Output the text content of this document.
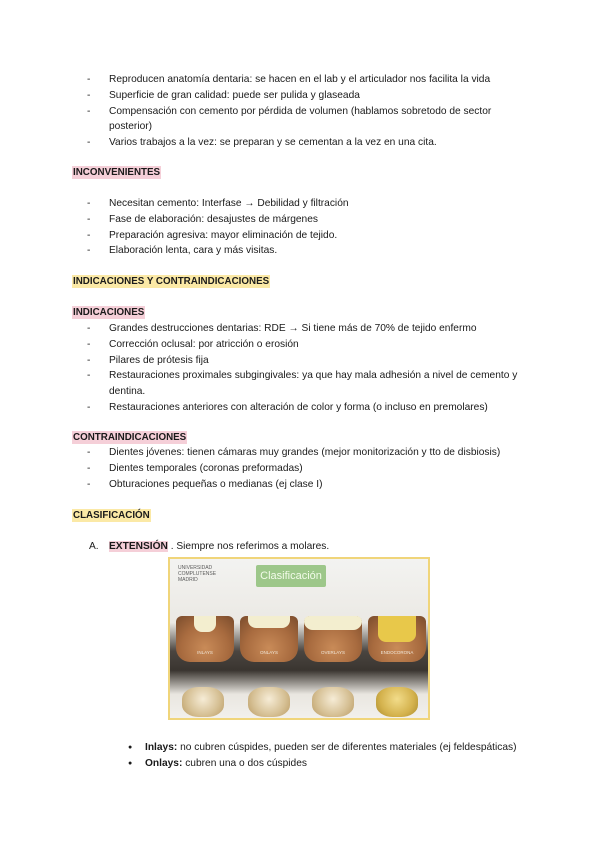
- Reproducen anatomía dentaria: se hacen en el lab y el articulador nos facilita la vida
- Superficie de gran calidad: puede ser pulida y glaseada
- Compensación con cemento por pérdida de volumen (hablamos sobretodo de sector posterior)
- Varios trabajos a la vez: se preparan y se cementan a la vez en una cita.
INCONVENIENTES
- Necesitan cemento: Interfase → Debilidad y filtración
- Fase de elaboración: desajustes de márgenes
- Preparación agresiva: mayor eliminación de tejido.
- Elaboración lenta, cara y más visitas.
INDICACIONES Y CONTRAINDICACIONES
INDICACIONES
- Grandes destrucciones dentarias: RDE → Si tiene más de 70% de tejido enfermo
- Corrección oclusal: por atricción o erosión
- Pilares de prótesis fija
- Restauraciones proximales subgingivales: ya que hay mala adhesión a nivel de cemento y dentina.
- Restauraciones anteriores con alteración de color y forma (o incluso en premolares)
CONTRAINDICACIONES
- Dientes jóvenes: tienen cámaras muy grandes (mejor monitorización y tto de disbiosis)
- Dientes temporales (coronas preformadas)
- Obturaciones pequeñas o medianas (ej clase I)
CLASIFICACIÓN
A. EXTENSIÓN . Siempre nos referimos a molares.
UNIVERSIDAD COMPLUTENSE MADRID	Clasificación
INLAYS	ONLAYS	OVERLAYS	ENDOCORONA
● Inlays: no cubren cúspides, pueden ser de diferentes materiales (ej feldespáticas)
● Onlays: cubren una o dos cúspides
